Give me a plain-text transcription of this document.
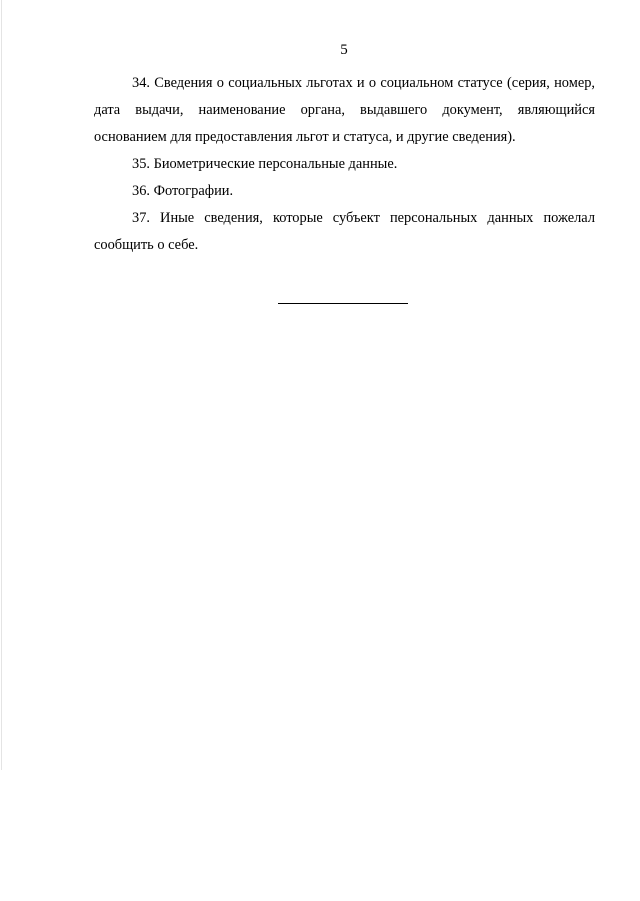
5

34. Сведения о социальных льготах и о социальном статусе (серия, номер, дата выдачи, наименование органа, выдавшего документ, являющийся основанием для предоставления льгот и статуса, и другие сведения).

35. Биометрические персональные данные.

36. Фотографии.

37. Иные сведения, которые субъект персональных данных пожелал сообщить о себе.
